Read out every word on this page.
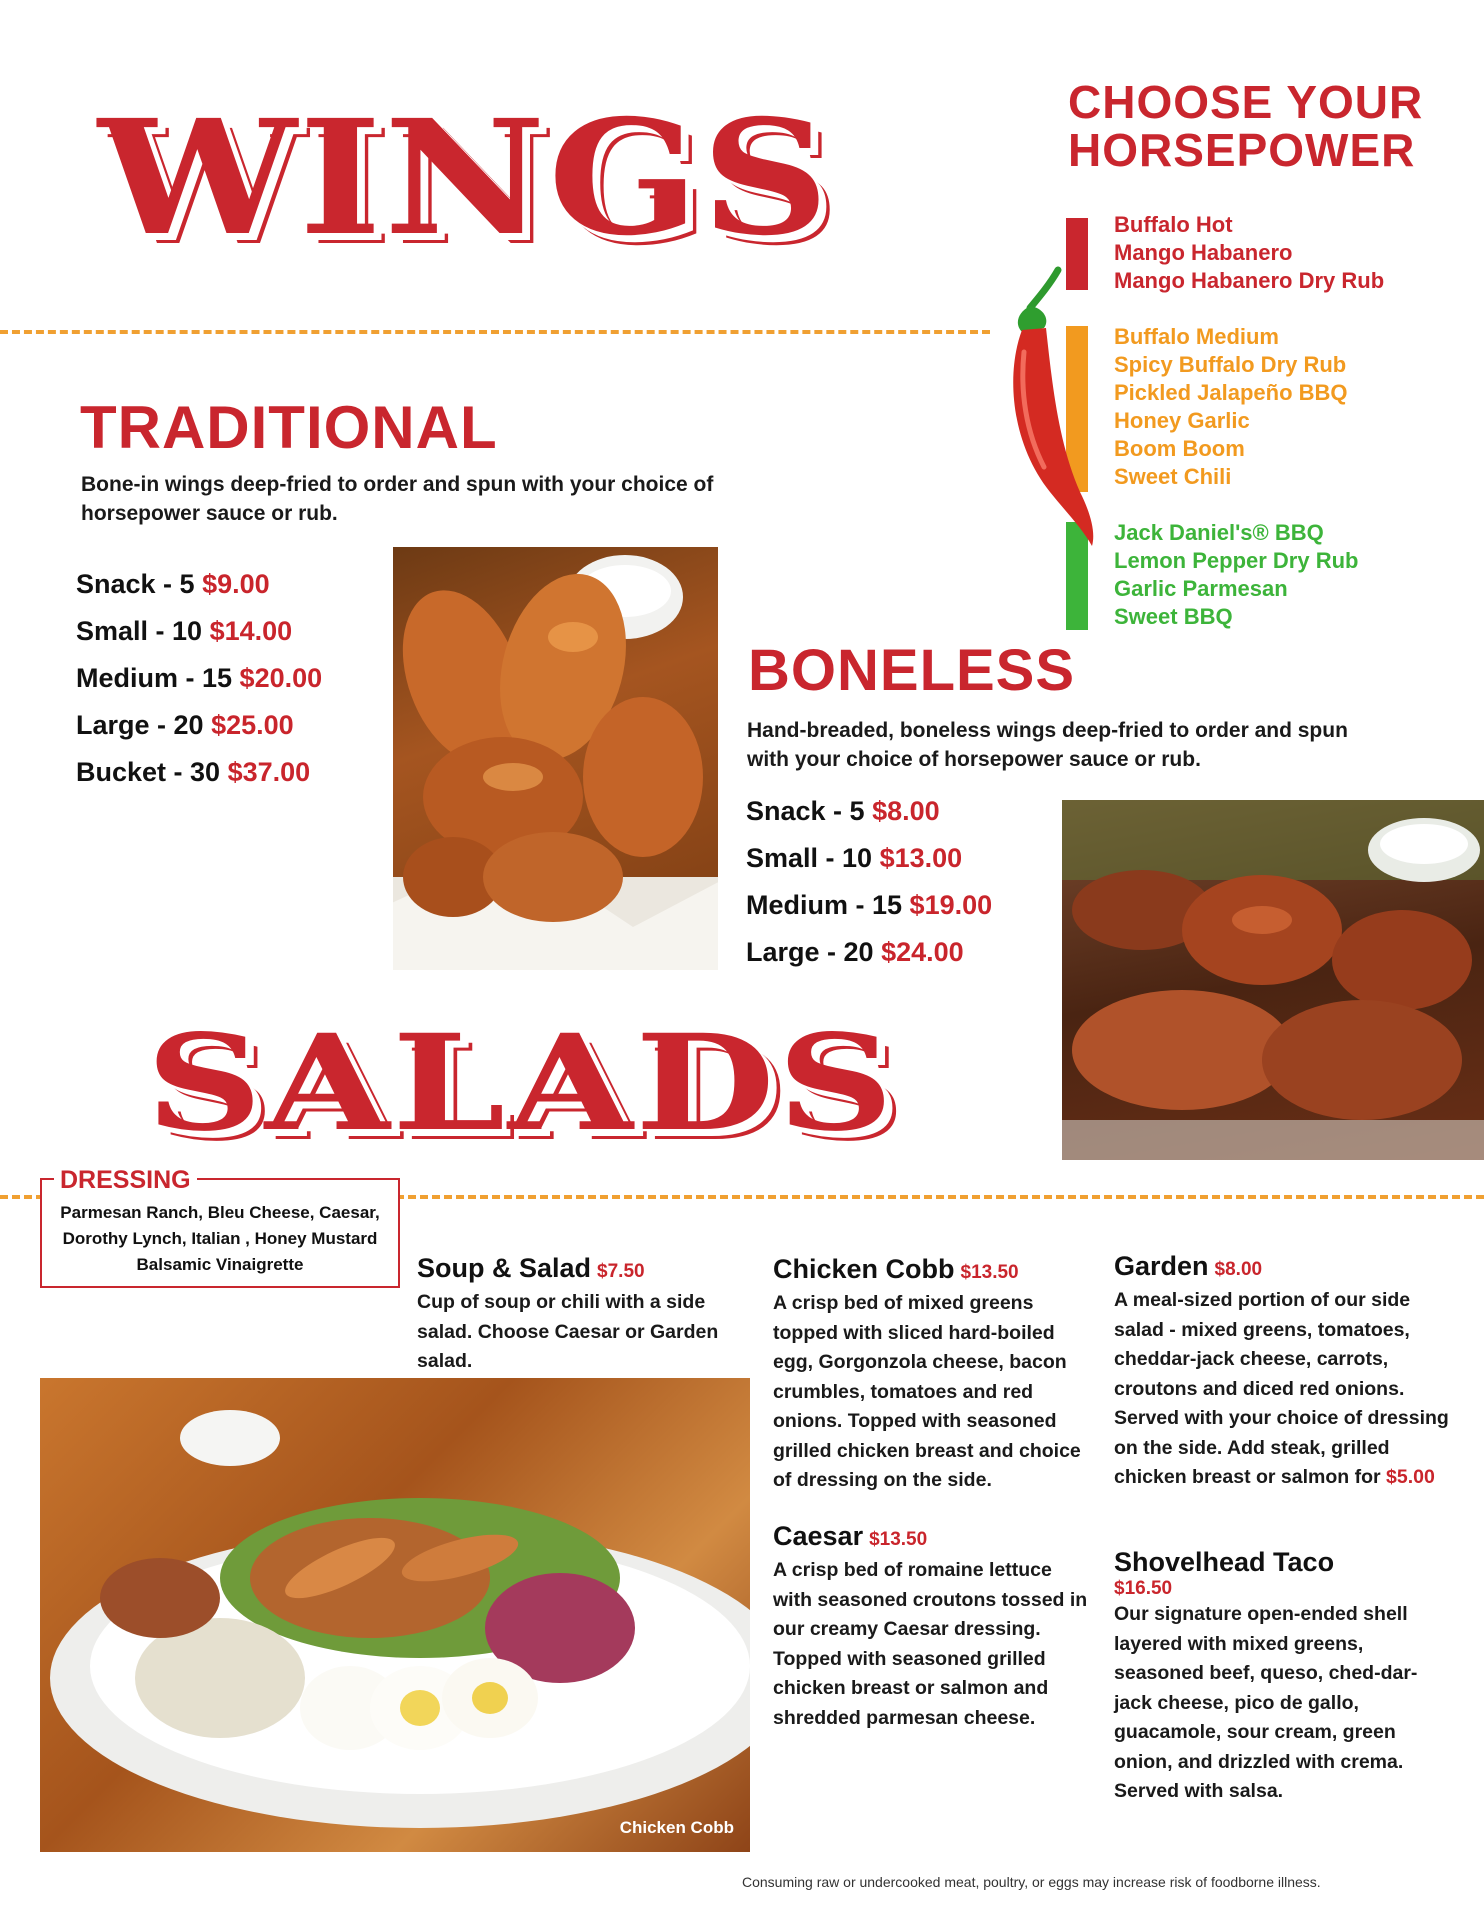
WINGS	CHOOSE YOUR
HORSEPOWER
Buffalo Hot
Mango Habanero
Mango Habanero Dry Rub
Buffalo Medium
Spicy Buffalo Dry Rub
Pickled Jalapeño BBQ
Honey Garlic
Boom Boom
Sweet Chili
Jack Daniel's® BBQ
Lemon Pepper Dry Rub
Garlic Parmesan
Sweet BBQ
TRADITIONAL
Bone-in wings deep-fried to order and spun with your choice of horsepower sauce or rub.
Snack - 5 $9.00
Small - 10 $14.00
Medium - 15 $20.00
Large - 20 $25.00
Bucket - 30 $37.00
BONELESS
Hand-breaded, boneless wings deep-fried to order and spun with your choice of horsepower sauce or rub.
Snack - 5 $8.00
Small - 10 $13.00
Medium - 15 $19.00
Large - 20 $24.00
SALADS
DRESSING
Parmesan Ranch, Bleu Cheese, Caesar,
Dorothy Lynch, Italian , Honey Mustard
Balsamic Vinaigrette
Chicken Cobb
Soup & Salad $7.50
Cup of soup or chili with a side salad. Choose Caesar or Garden salad.
Chicken Cobb $13.50
A crisp bed of mixed greens topped with sliced hard-boiled egg, Gorgonzola cheese, bacon crumbles, tomatoes and red onions. Topped with seasoned grilled chicken breast and choice of dressing on the side.
Caesar $13.50
A crisp bed of romaine lettuce with seasoned croutons tossed in our creamy Caesar dressing. Topped with seasoned grilled chicken breast or salmon and shredded parmesan cheese.
Garden $8.00
A meal-sized portion of our side salad - mixed greens, tomatoes, cheddar-jack cheese, carrots, croutons and diced red onions. Served with your choice of dressing on the side. Add steak, grilled chicken breast or salmon for $5.00
Shovelhead Taco
$16.50
Our signature open-ended shell layered with mixed greens, seasoned beef, queso, ched-dar-jack cheese, pico de gallo, guacamole, sour cream, green onion, and drizzled with crema. Served with salsa.
Consuming raw or undercooked meat, poultry, or eggs may increase risk of foodborne illness.
